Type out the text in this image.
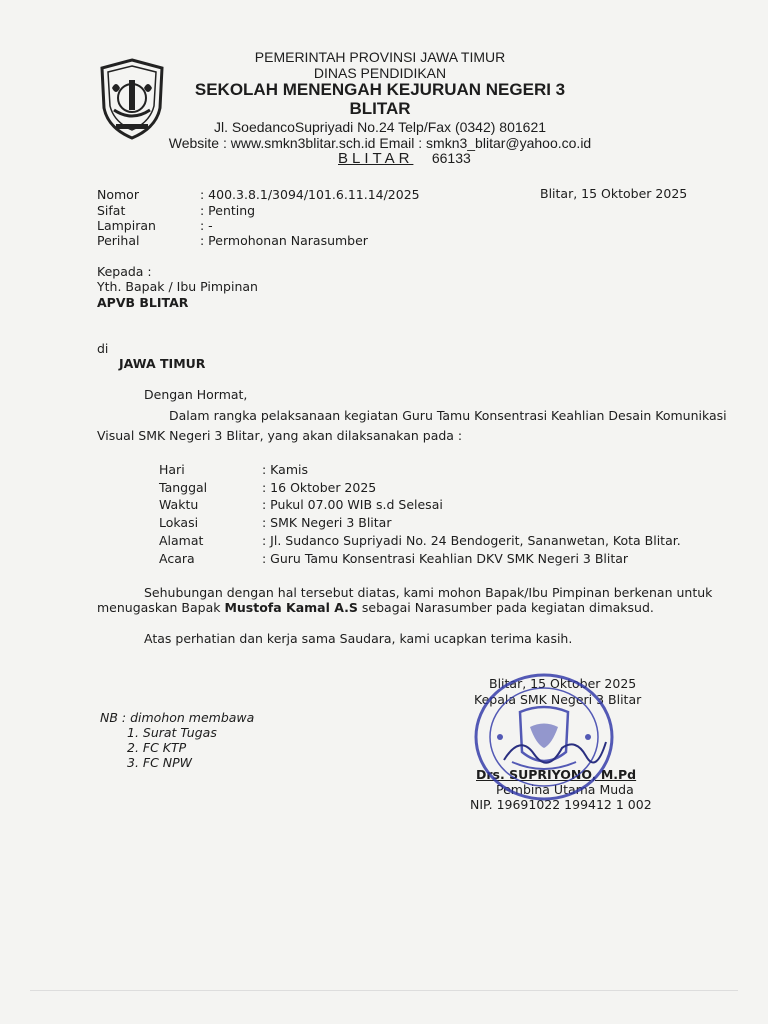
PEMERINTAH PROVINSI JAWA TIMUR
DINAS PENDIDIKAN
SEKOLAH MENENGAH KEJURUAN NEGERI 3
BLITAR
Jl. SoedancoSupriyadi No.24 Telp/Fax (0342) 801621
Website : www.smkn3blitar.sch.id Email : smkn3_blitar@yahoo.co.id
BLITAR 66133
Blitar, 15 Oktober 2025
Nomor	: 400.3.8.1/3094/101.6.11.14/2025
Sifat	: Penting
Lampiran	: -
Perihal	: Permohonan Narasumber
Kepada :
Yth. Bapak / Ibu Pimpinan
APVB BLITAR
di
JAWA TIMUR
Dengan Hormat,
Dalam rangka pelaksanaan kegiatan Guru Tamu Konsentrasi Keahlian Desain Komunikasi
Visual SMK Negeri 3 Blitar, yang akan dilaksanakan pada :
Hari	: Kamis
Tanggal	: 16 Oktober 2025
Waktu	: Pukul 07.00 WIB s.d Selesai
Lokasi	: SMK Negeri 3 Blitar
Alamat	: Jl. Sudanco Supriyadi No. 24 Bendogerit, Sananwetan, Kota Blitar.
Acara	: Guru Tamu Konsentrasi Keahlian DKV SMK Negeri 3 Blitar
Sehubungan dengan hal tersebut diatas, kami mohon Bapak/Ibu Pimpinan berkenan untuk
menugaskan Bapak Mustofa Kamal A.S sebagai Narasumber pada kegiatan dimaksud.
Atas perhatian dan kerja sama Saudara, kami ucapkan terima kasih.
NB : dimohon membawa
1. Surat Tugas
2. FC KTP
3. FC NPW
Blitar, 15 Oktober 2025
Kepala SMK Negeri 3 Blitar
Drs. SUPRIYONO, M.Pd
Pembina Utama Muda
NIP. 19691022 199412 1 002
